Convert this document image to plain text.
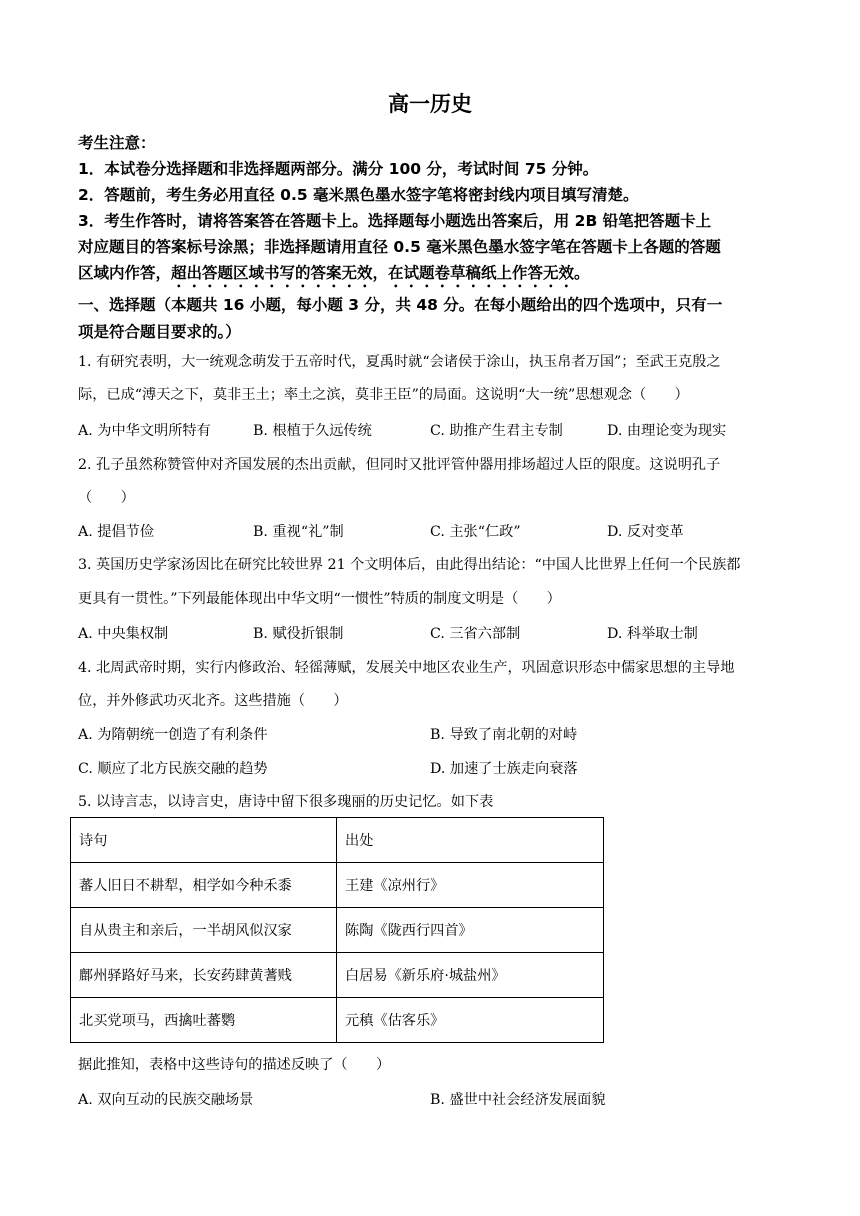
高一历史
考生注意：
1．本试卷分选择题和非选择题两部分。满分 100 分，考试时间 75 分钟。
2．答题前，考生务必用直径 0.5 毫米黑色墨水签字笔将密封线内项目填写清楚。
3．考生作答时，请将答案答在答题卡上。选择题每小题选出答案后，用 2B 铅笔把答题卡上
对应题目的答案标号涂黑；非选择题请用直径 0.5 毫米黑色墨水签字笔在答题卡上各题的答题
区域内作答，超出答题区域书写的答案无效，在试题卷草稿纸上作答无效。
一、选择题（本题共 16 小题，每小题 3 分，共 48 分。在每小题给出的四个选项中，只有一
项是符合题目要求的。）
1. 有研究表明，大一统观念萌发于五帝时代，夏禹时就“会诸侯于涂山，执玉帛者万国”；至武王克殷之
际，已成“溥天之下，莫非王土；率土之滨，莫非王臣”的局面。这说明“大一统”思想观念（　　）
A. 为中华文明所特有	B. 根植于久远传统	C. 助推产生君主专制	D. 由理论变为现实
2. 孔子虽然称赞管仲对齐国发展的杰出贡献，但同时又批评管仲器用排场超过人臣的限度。这说明孔子
（　　）
A. 提倡节俭	B. 重视“礼”制	C. 主张“仁政”	D. 反对变革
3. 英国历史学家汤因比在研究比较世界 21 个文明体后，由此得出结论：“中国人比世界上任何一个民族都
更具有一贯性。”下列最能体现出中华文明“一惯性”特质的制度文明是（　　）
A. 中央集权制	B. 赋役折银制	C. 三省六部制	D. 科举取士制
4. 北周武帝时期，实行内修政治、轻徭薄赋，发展关中地区农业生产，巩固意识形态中儒家思想的主导地
位，并外修武功灭北齐。这些措施（　　）
A. 为隋朝统一创造了有利条件	B. 导致了南北朝的对峙
C. 顺应了北方民族交融的趋势	D. 加速了士族走向衰落
5. 以诗言志，以诗言史，唐诗中留下很多瑰丽的历史记忆。如下表
诗句	出处
蕃人旧日不耕犁，相学如今种禾黍	王建《凉州行》
自从贵主和亲后，一半胡风似汉家	陈陶《陇西行四首》
鄜州驿路好马来，长安药肆黄蓍贱	白居易《新乐府·城盐州》
北买党项马，西擒吐蕃鹦	元稹《估客乐》
据此推知，表格中这些诗句的描述反映了（　　）
A. 双向互动的民族交融场景	B. 盛世中社会经济发展面貌
